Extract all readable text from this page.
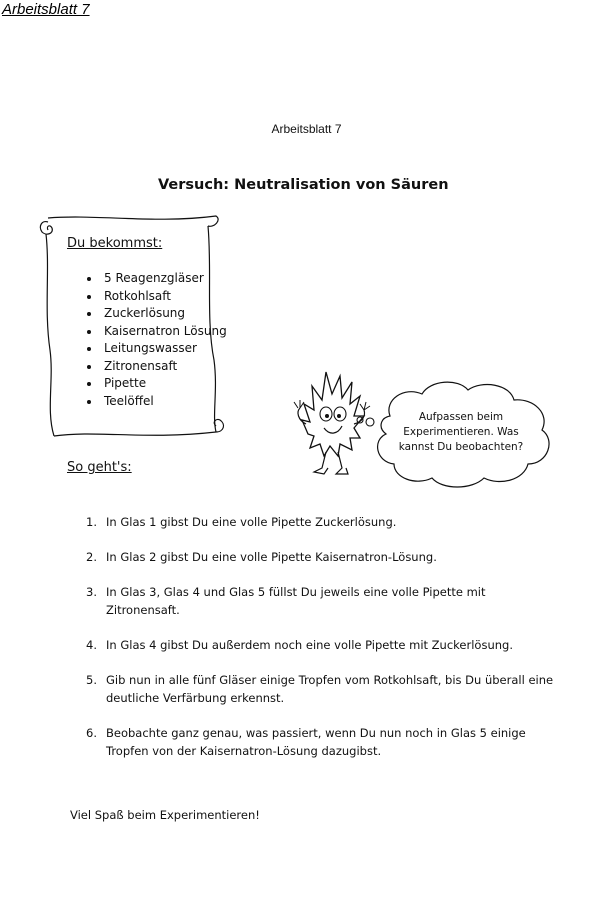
Arbeitsblatt 7
Arbeitsblatt 7
Versuch: Neutralisation von Säuren
Du bekommst:
5 Reagenzgläser
Rotkohlsaft
Zuckerlösung
Kaisernatron Lösung
Leitungswasser
Zitronensaft
Pipette
Teelöffel
Aufpassen beim Experimentieren. Was kannst Du beobachten?
So geht's:
1. In Glas 1 gibst Du eine volle Pipette Zuckerlösung.
2. In Glas 2 gibst Du eine volle Pipette Kaisernatron-Lösung.
3. In Glas 3, Glas 4 und Glas 5 füllst Du jeweils eine volle Pipette mit Zitronensaft.
4. In Glas 4 gibst Du außerdem noch eine volle Pipette mit Zuckerlösung.
5. Gib nun in alle fünf Gläser einige Tropfen vom Rotkohlsaft, bis Du überall eine deutliche Verfärbung erkennst.
6. Beobachte ganz genau, was passiert, wenn Du nun noch in Glas 5 einige Tropfen von der Kaisernatron-Lösung dazugibst.
Viel Spaß beim Experimentieren!
